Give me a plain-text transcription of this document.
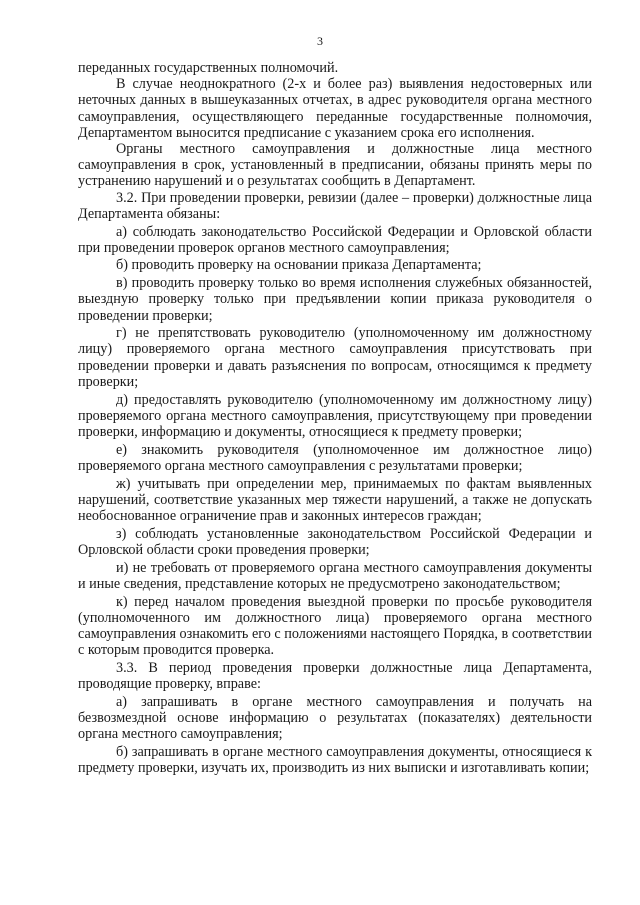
3

переданных государственных полномочий.

В случае неоднократного (2-х и более раз) выявления недостоверных или неточных данных в вышеуказанных отчетах, в адрес руководителя органа местного самоуправления, осуществляющего переданные государственные полномочия, Департаментом выносится предписание с указанием срока его исполнения.

Органы местного самоуправления и должностные лица местного самоуправления в срок, установленный в предписании, обязаны принять меры по устранению нарушений и о результатах сообщить в Департамент.

3.2. При проведении проверки, ревизии (далее – проверки) должностные лица Департамента обязаны:

а) соблюдать законодательство Российской Федерации и Орловской области при проведении проверок органов местного самоуправления;

б) проводить проверку на основании приказа Департамента;

в) проводить проверку только во время исполнения служебных обязанностей, выездную проверку только при предъявлении копии приказа руководителя о проведении проверки;

г) не препятствовать руководителю (уполномоченному им должностному лицу) проверяемого органа местного самоуправления присутствовать при проведении проверки и давать разъяснения по вопросам, относящимся к предмету проверки;

д) предоставлять руководителю (уполномоченному им должностному лицу) проверяемого органа местного самоуправления, присутствующему при проведении проверки, информацию и документы, относящиеся к предмету проверки;

е) знакомить руководителя (уполномоченное им должностное лицо) проверяемого органа местного самоуправления с результатами проверки;

ж) учитывать при определении мер, принимаемых по фактам выявленных нарушений, соответствие указанных мер тяжести нарушений, а также не допускать необоснованное ограничение прав и законных интересов граждан;

з) соблюдать установленные законодательством Российской Федерации и Орловской области сроки проведения проверки;

и) не требовать от проверяемого органа местного самоуправления документы и иные сведения, представление которых не предусмотрено законодательством;

к) перед началом проведения выездной проверки по просьбе руководителя (уполномоченного им должностного лица) проверяемого органа местного самоуправления ознакомить его с положениями настоящего Порядка, в соответствии с которым проводится проверка.

3.3. В период проведения проверки должностные лица Департамента, проводящие проверку, вправе:

а) запрашивать в органе местного самоуправления и получать на безвозмездной основе информацию о результатах (показателях) деятельности органа местного самоуправления;

б) запрашивать в органе местного самоуправления документы, относящиеся к предмету проверки, изучать их, производить из них выписки и изготавливать копии;
